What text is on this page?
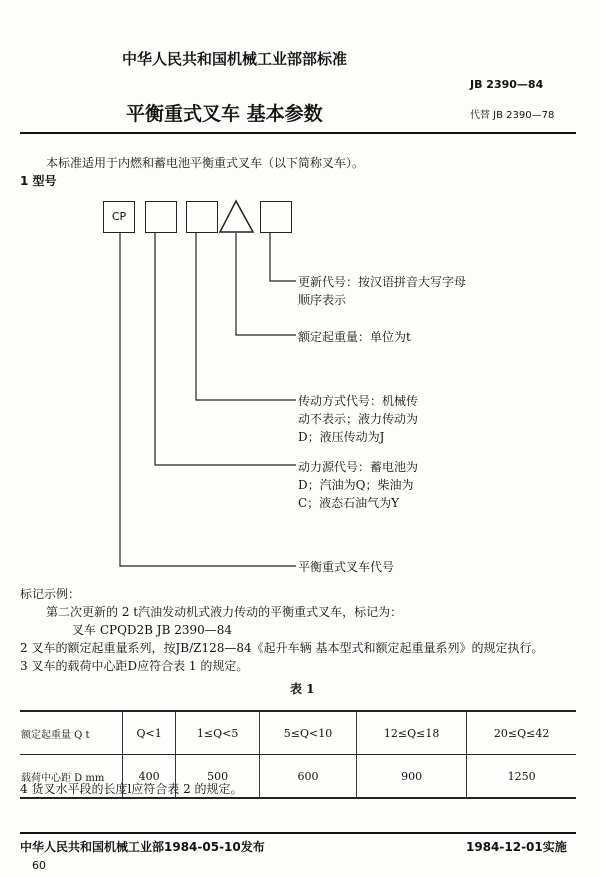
中华人民共和国机械工业部部标准
JB 2390—84
平衡重式叉车 基本参数	代替 JB 2390—78
本标准适用于内燃和蓄电池平衡重式叉车（以下简称叉车）。
1 型号
CP
更新代号：按汉语拼音大写字母
顺序表示
额定起重量：单位为t
传动方式代号：机械传
动不表示；液力传动为
D；液压传动为J
动力源代号：蓄电池为
D；汽油为Q；柴油为
C；液态石油气为Y
平衡重式叉车代号
标记示例：
第二次更新的 2 t汽油发动机式液力传动的平衡重式叉车，标记为：
叉车 CPQD2B JB 2390—84
2 叉车的额定起重量系列，按JB/Z128—84《起升车辆 基本型式和额定起重量系列》的规定执行。
3 叉车的载荷中心距D应符合表 1 的规定。
表 1
额定起重量 Q t	Q<1	1≤Q<5	5≤Q<10	12≤Q≤18	20≤Q≤42
载荷中心距 D mm	400	500	600	900	1250
4 货叉水平段的长度l应符合表 2 的规定。
中华人民共和国机械工业部1984-05-10发布	1984-12-01实施
60
